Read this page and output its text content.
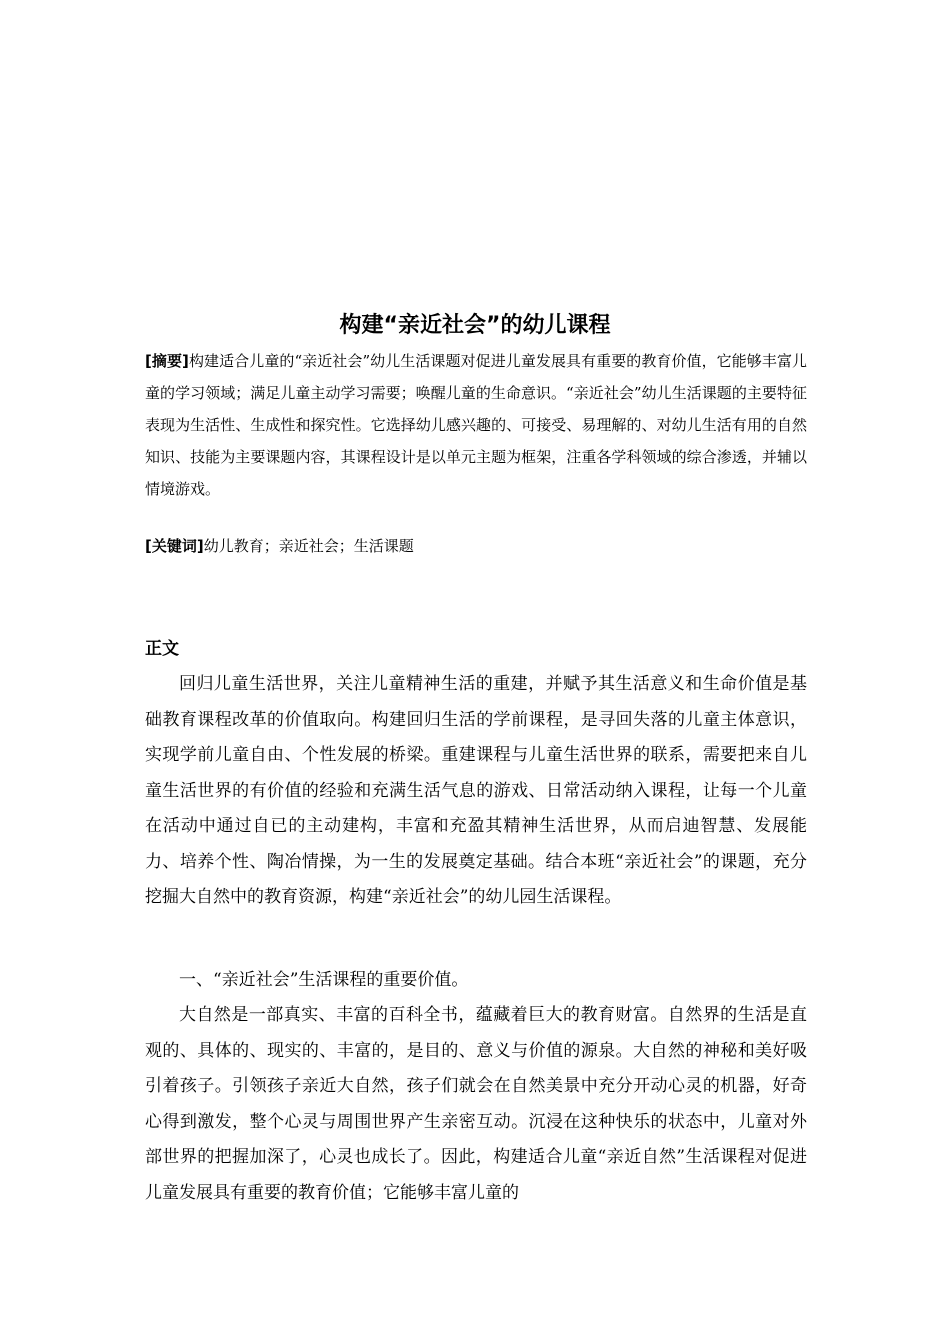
构建“亲近社会”的幼儿课程

[摘要]构建适合儿童的“亲近社会”幼儿生活课题对促进儿童发展具有重要的教育价值，它能够丰富儿童的学习领域；满足儿童主动学习需要；唤醒儿童的生命意识。“亲近社会”幼儿生活课题的主要特征表现为生活性、生成性和探究性。它选择幼儿感兴趣的、可接受、易理解的、对幼儿生活有用的自然知识、技能为主要课题内容，其课程设计是以单元主题为框架，注重各学科领域的综合渗透，并辅以情境游戏。

[关键词]幼儿教育；亲近社会；生活课题

正文

回归儿童生活世界，关注儿童精神生活的重建，并赋予其生活意义和生命价值是基础教育课程改革的价值取向。构建回归生活的学前课程，是寻回失落的儿童主体意识，实现学前儿童自由、个性发展的桥梁。重建课程与儿童生活世界的联系，需要把来自儿童生活世界的有价值的经验和充满生活气息的游戏、日常活动纳入课程，让每一个儿童在活动中通过自已的主动建构，丰富和充盈其精神生活世界，从而启迪智慧、发展能力、培养个性、陶冶情操，为一生的发展奠定基础。结合本班“亲近社会”的课题，充分挖掘大自然中的教育资源，构建“亲近社会”的幼儿园生活课程。

一、“亲近社会”生活课程的重要价值。

大自然是一部真实、丰富的百科全书，蕴藏着巨大的教育财富。自然界的生活是直观的、具体的、现实的、丰富的，是目的、意义与价值的源泉。大自然的神秘和美好吸引着孩子。引领孩子亲近大自然，孩子们就会在自然美景中充分开动心灵的机器，好奇心得到激发，整个心灵与周围世界产生亲密互动。沉浸在这种快乐的状态中，儿童对外部世界的把握加深了，心灵也成长了。因此，构建适合儿童“亲近自然”生活课程对促进儿童发展具有重要的教育价值；它能够丰富儿童的
